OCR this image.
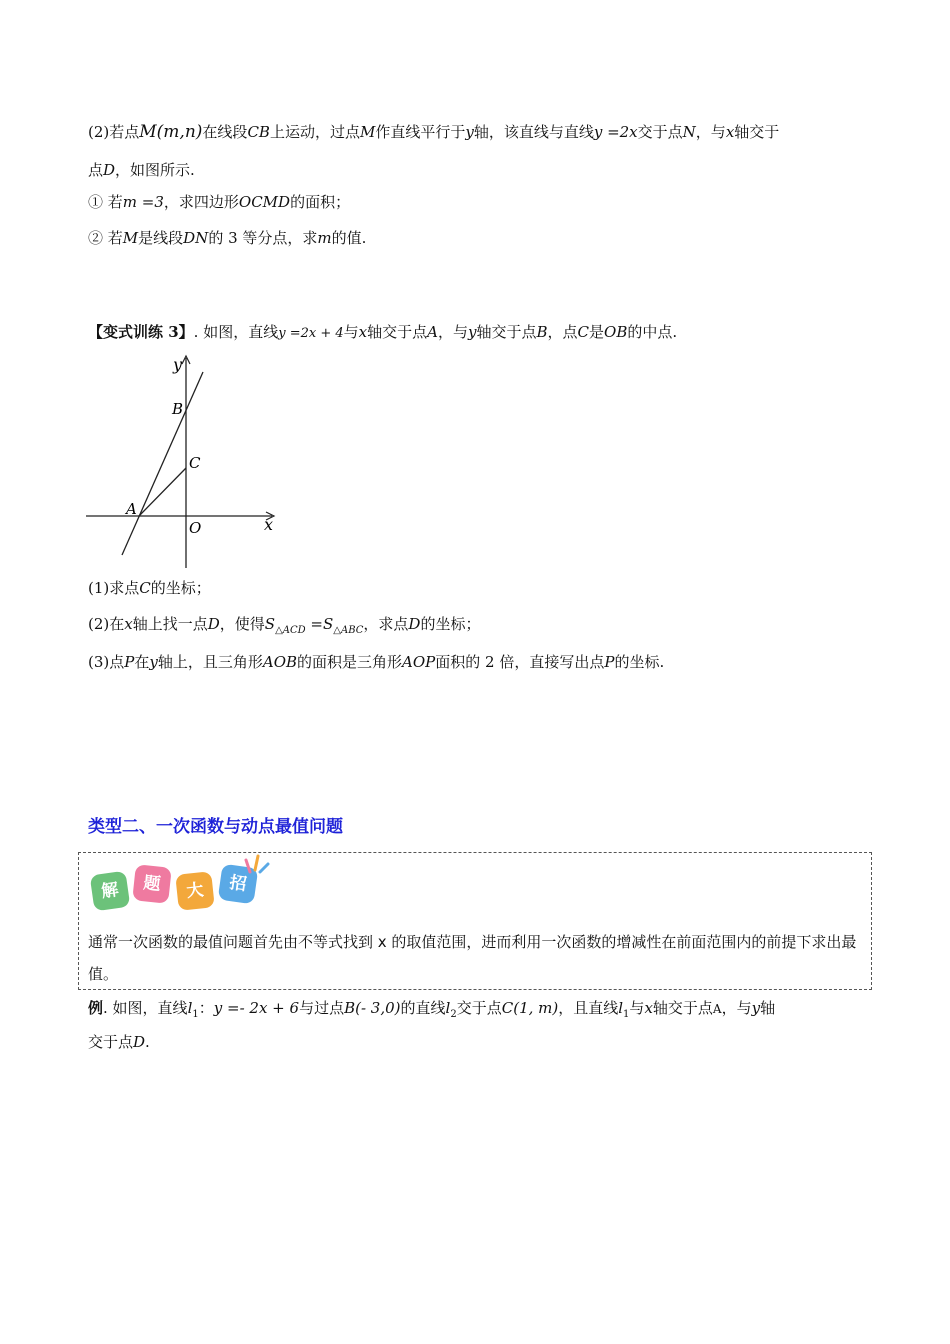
(2)若点M(m,n)在线段CB上运动，过点M作直线平行于y轴，该直线与直线y =2x交于点N，与x轴交于
点D，如图所示.
① 若m =3，求四边形OCMD的面积；
② 若M是线段DN的 3 等分点，求m的值.
【变式训练 3】. 如图，直线y =2x + 4与x轴交于点A，与y轴交于点B，点C是OB的中点.
y
B
C
A
O	x
(1)求点C的坐标；
(2)在x轴上找一点D，使得$S_{\triangle ACD} =S_{\triangle ABC}$，求点D的坐标；
(3)点P在y轴上，且三角形AOB的面积是三角形AOP面积的 2 倍，直接写出点P的坐标.
类型二、一次函数与动点最值问题
解	题	大	招
通常一次函数的最值问题首先由不等式找到 x 的取值范围，进而利用一次函数的增减性在前面范围内的前提下求出最值。
例. 如图，直线$l_1$：y =- 2x + 6与过点B(- 3,0)的直线$l_2$交于点C(1, m)，且直线$l_1$与x轴交于点A，与y轴
交于点D.
